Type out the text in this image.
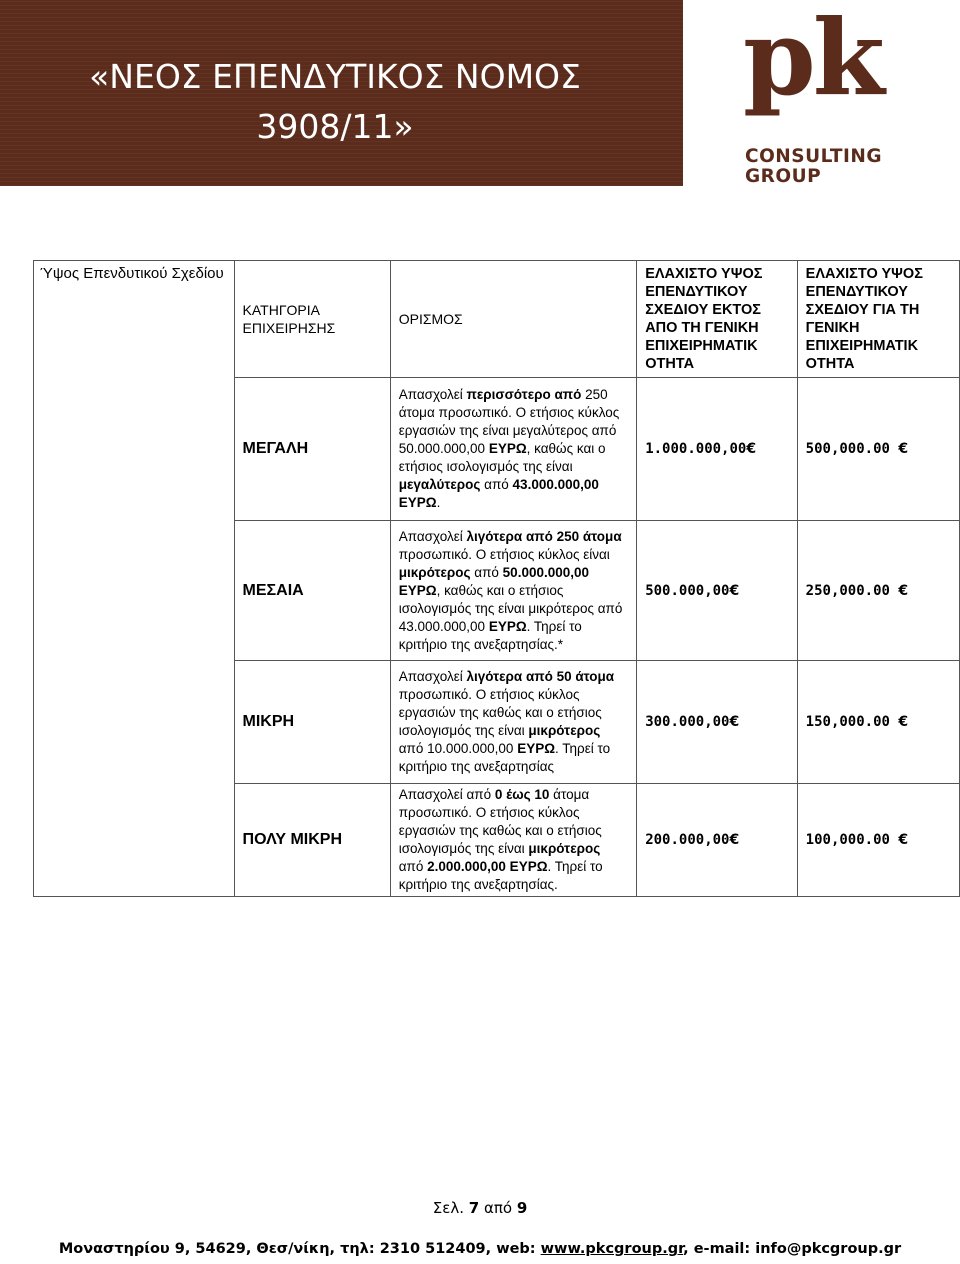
«ΝΕΟΣ ΕΠΕΝΔΥΤΙΚΟΣ ΝΟΜΟΣ
3908/11»
pk
CONSULTING
GROUP
Ύψος Επενδυτικού Σχεδίου	ΚΑΤΗΓΟΡΙΑ ΕΠΙΧΕΙΡΗΣΗΣ	ΟΡΙΣΜΟΣ	ΕΛΑΧΙΣΤΟ ΥΨΟΣ ΕΠΕΝΔΥΤΙΚΟΥ ΣΧΕΔΙΟΥ ΕΚΤΟΣ ΑΠΟ ΤΗ ΓΕΝΙΚΗ ΕΠΙΧΕΙΡΗΜΑΤΙΚ ΟΤΗΤΑ	ΕΛΑΧΙΣΤΟ ΥΨΟΣ ΕΠΕΝΔΥΤΙΚΟΥ ΣΧΕΔΙΟΥ ΓΙΑ ΤΗ ΓΕΝΙΚΗ ΕΠΙΧΕΙΡΗΜΑΤΙΚ ΟΤΗΤΑ
	ΜΕΓΑΛΗ	Απασχολεί περισσότερο από 250 άτομα προσωπικό. Ο ετήσιος κύκλος εργασιών της είναι μεγαλύτερος από 50.000.000,00 ΕΥΡΩ, καθώς και ο ετήσιος ισολογισμός της είναι μεγαλύτερος από 43.000.000,00 ΕΥΡΩ.	1.000.000,00€	500,000.00 €
	ΜΕΣΑΙΑ	Απασχολεί λιγότερα από 250 άτομα προσωπικό. Ο ετήσιος κύκλος είναι μικρότερος από 50.000.000,00 ΕΥΡΩ, καθώς και ο ετήσιος ισολογισμός της είναι μικρότερος από 43.000.000,00 ΕΥΡΩ. Τηρεί το κριτήριο της ανεξαρτησίας.*	500.000,00€	250,000.00 €
	ΜΙΚΡΗ	Απασχολεί λιγότερα από 50 άτομα προσωπικό. Ο ετήσιος κύκλος εργασιών της καθώς και ο ετήσιος ισολογισμός της είναι μικρότερος από 10.000.000,00 ΕΥΡΩ. Τηρεί το κριτήριο της ανεξαρτησίας	300.000,00€	150,000.00 €
	ΠΟΛΥ ΜΙΚΡΗ	Απασχολεί από 0 έως 10 άτομα προσωπικό. Ο ετήσιος κύκλος εργασιών της καθώς και ο ετήσιος ισολογισμός της είναι μικρότερος από 2.000.000,00 ΕΥΡΩ. Τηρεί το κριτήριο της ανεξαρτησίας.	200.000,00€	100,000.00 €
Σελ. 7 από 9
Μοναστηρίου 9, 54629, Θεσ/νίκη, τηλ: 2310 512409, web: www.pkcgroup.gr, e-mail: info@pkcgroup.gr
